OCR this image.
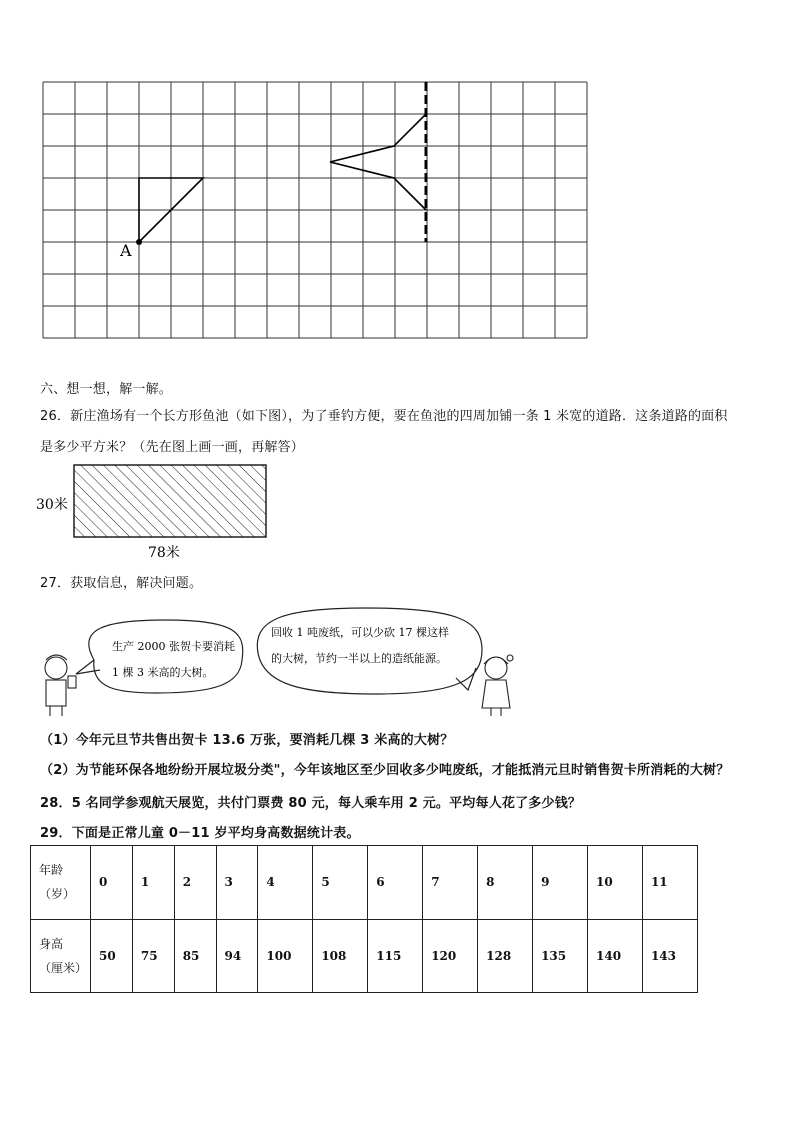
A
六、想一想，解一解。
26．新庄渔场有一个长方形鱼池（如下图），为了垂钓方便，要在鱼池的四周加铺一条 1 米宽的道路．这条道路的面积
是多少平方米？（先在图上画一画，再解答）
30米
78米
27．获取信息，解决问题。
生产 2000 张贺卡要消耗
1 棵 3 米高的大树。
回收 1 吨废纸，可以少砍 17 棵这样
的大树，节约一半以上的造纸能源。
（1）今年元旦节共售出贺卡 13.6 万张，要消耗几棵 3 米高的大树？
（2）为节能环保各地纷纷开展垃圾分类"，今年该地区至少回收多少吨废纸，才能抵消元旦时销售贺卡所消耗的大树？
28．5 名同学参观航天展览，共付门票费 80 元，每人乘车用 2 元。平均每人花了多少钱？
29．下面是正常儿童 0－11 岁平均身高数据统计表。
年龄
（岁）	0	1	2	3	4	5	6	7	8	9	10	11

身高
（厘米）	50	75	85	94	100	108	115	120	128	135	140	143
